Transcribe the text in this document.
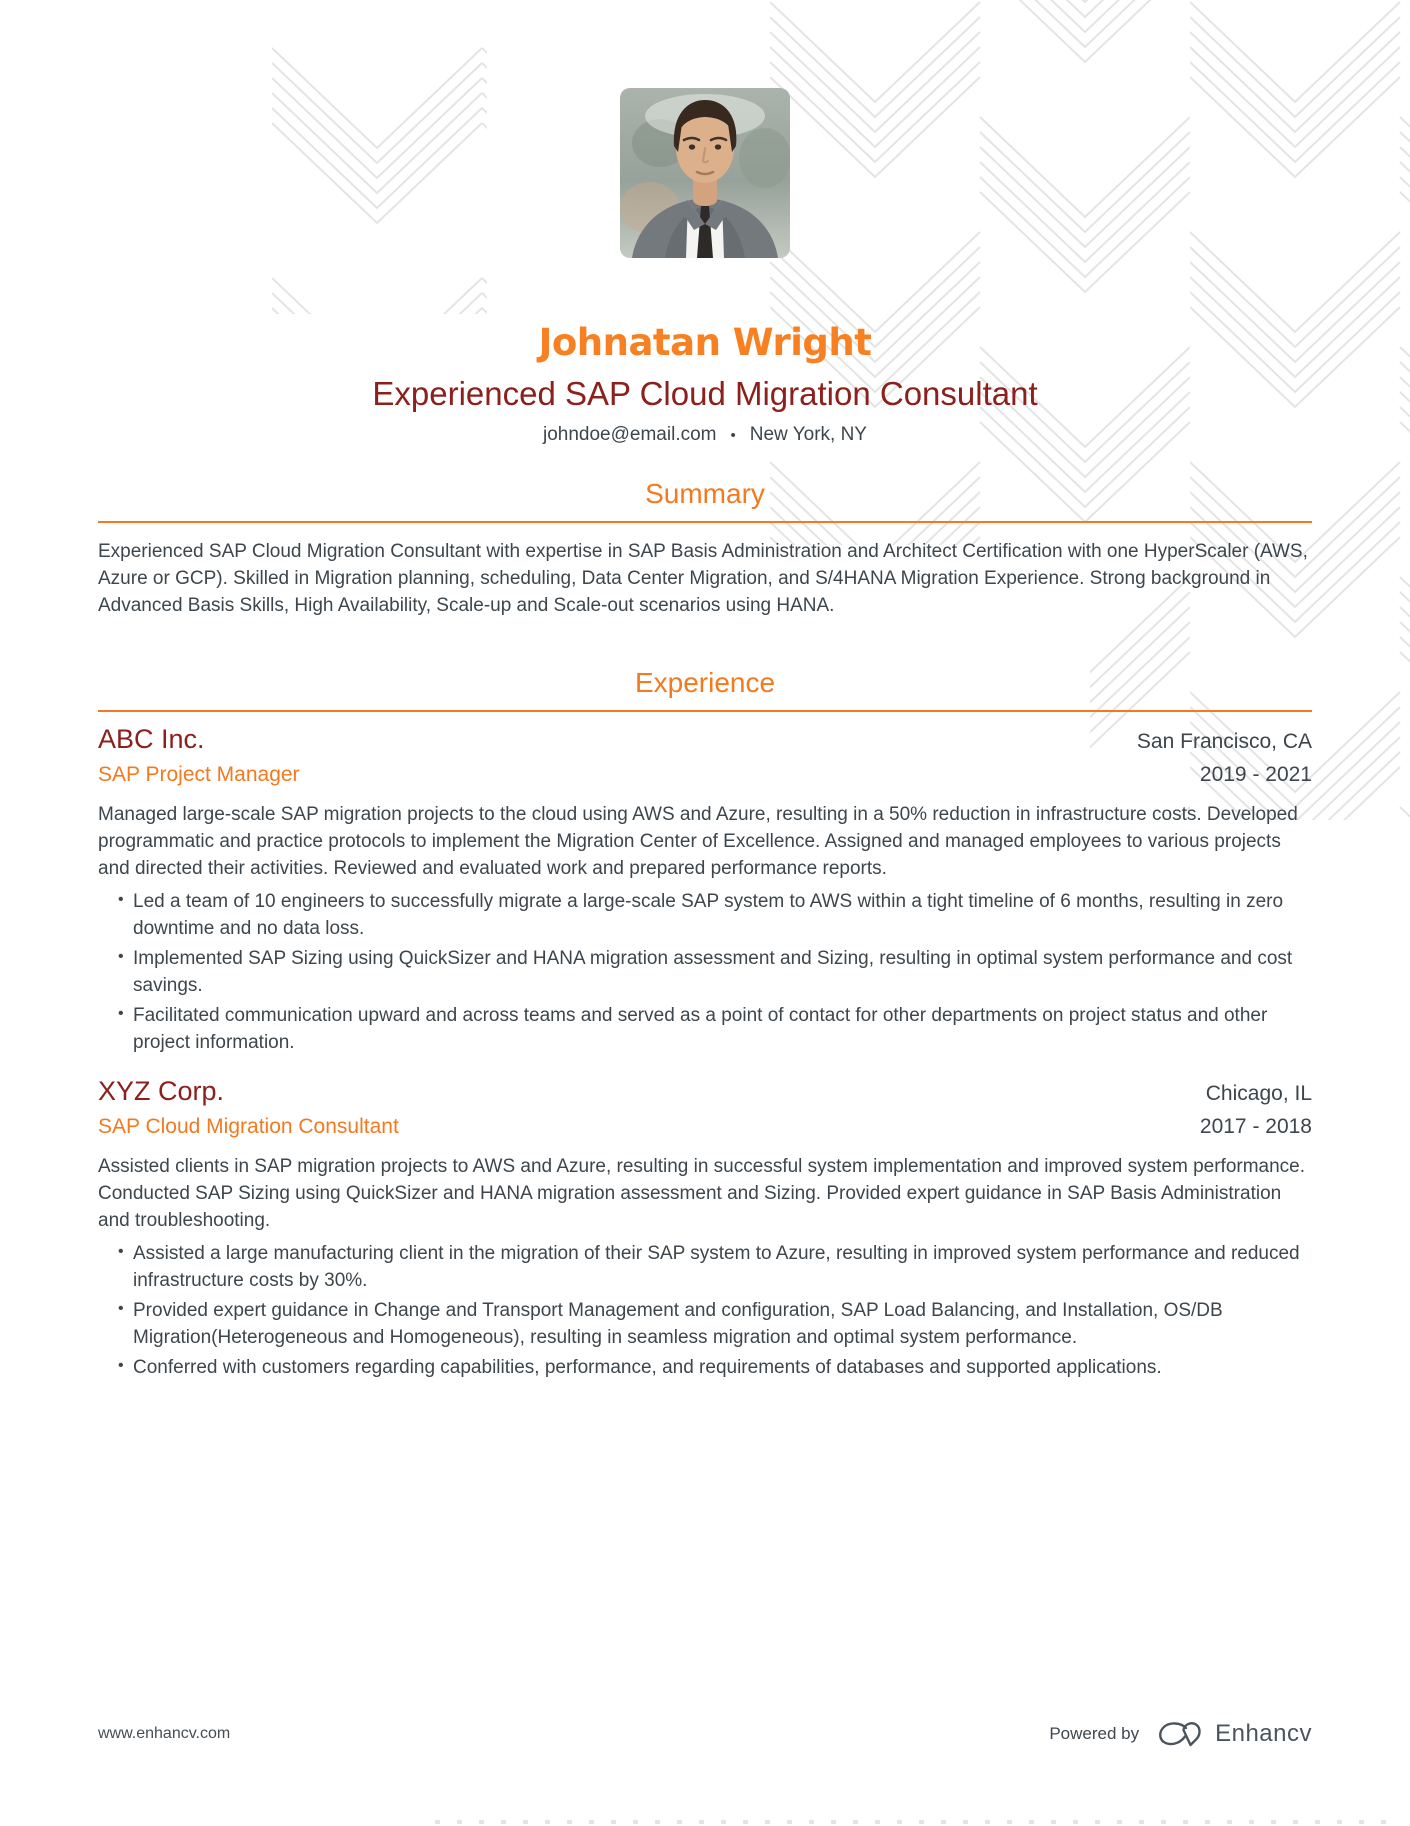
Johnatan Wright
Experienced SAP Cloud Migration Consultant
johndoe@email.com • New York, NY
Summary

Experienced SAP Cloud Migration Consultant with expertise in SAP Basis Administration and Architect Certification with one HyperScaler (AWS, Azure or GCP). Skilled in Migration planning, scheduling, Data Center Migration, and S/4HANA Migration Experience. Strong background in Advanced Basis Skills, High Availability, Scale-up and Scale-out scenarios using HANA.

Experience
ABC Inc.	San Francisco, CA
SAP Project Manager	2019 - 2021

Managed large-scale SAP migration projects to the cloud using AWS and Azure, resulting in a 50% reduction in infrastructure costs. Developed programmatic and practice protocols to implement the Migration Center of Excellence. Assigned and managed employees to various projects and directed their activities. Reviewed and evaluated work and prepared performance reports.

• Led a team of 10 engineers to successfully migrate a large-scale SAP system to AWS within a tight timeline of 6 months, resulting in zero downtime and no data loss.
• Implemented SAP Sizing using QuickSizer and HANA migration assessment and Sizing, resulting in optimal system performance and cost savings.
• Facilitated communication upward and across teams and served as a point of contact for other departments on project status and other project information.
XYZ Corp.	Chicago, IL
SAP Cloud Migration Consultant	2017 - 2018

Assisted clients in SAP migration projects to AWS and Azure, resulting in successful system implementation and improved system performance. Conducted SAP Sizing using QuickSizer and HANA migration assessment and Sizing. Provided expert guidance in SAP Basis Administration and troubleshooting.

• Assisted a large manufacturing client in the migration of their SAP system to Azure, resulting in improved system performance and reduced infrastructure costs by 30%.
• Provided expert guidance in Change and Transport Management and configuration, SAP Load Balancing, and Installation, OS/DB Migration(Heterogeneous and Homogeneous), resulting in seamless migration and optimal system performance.
• Conferred with customers regarding capabilities, performance, and requirements of databases and supported applications.
www.enhancv.com	Powered by	Enhancv
